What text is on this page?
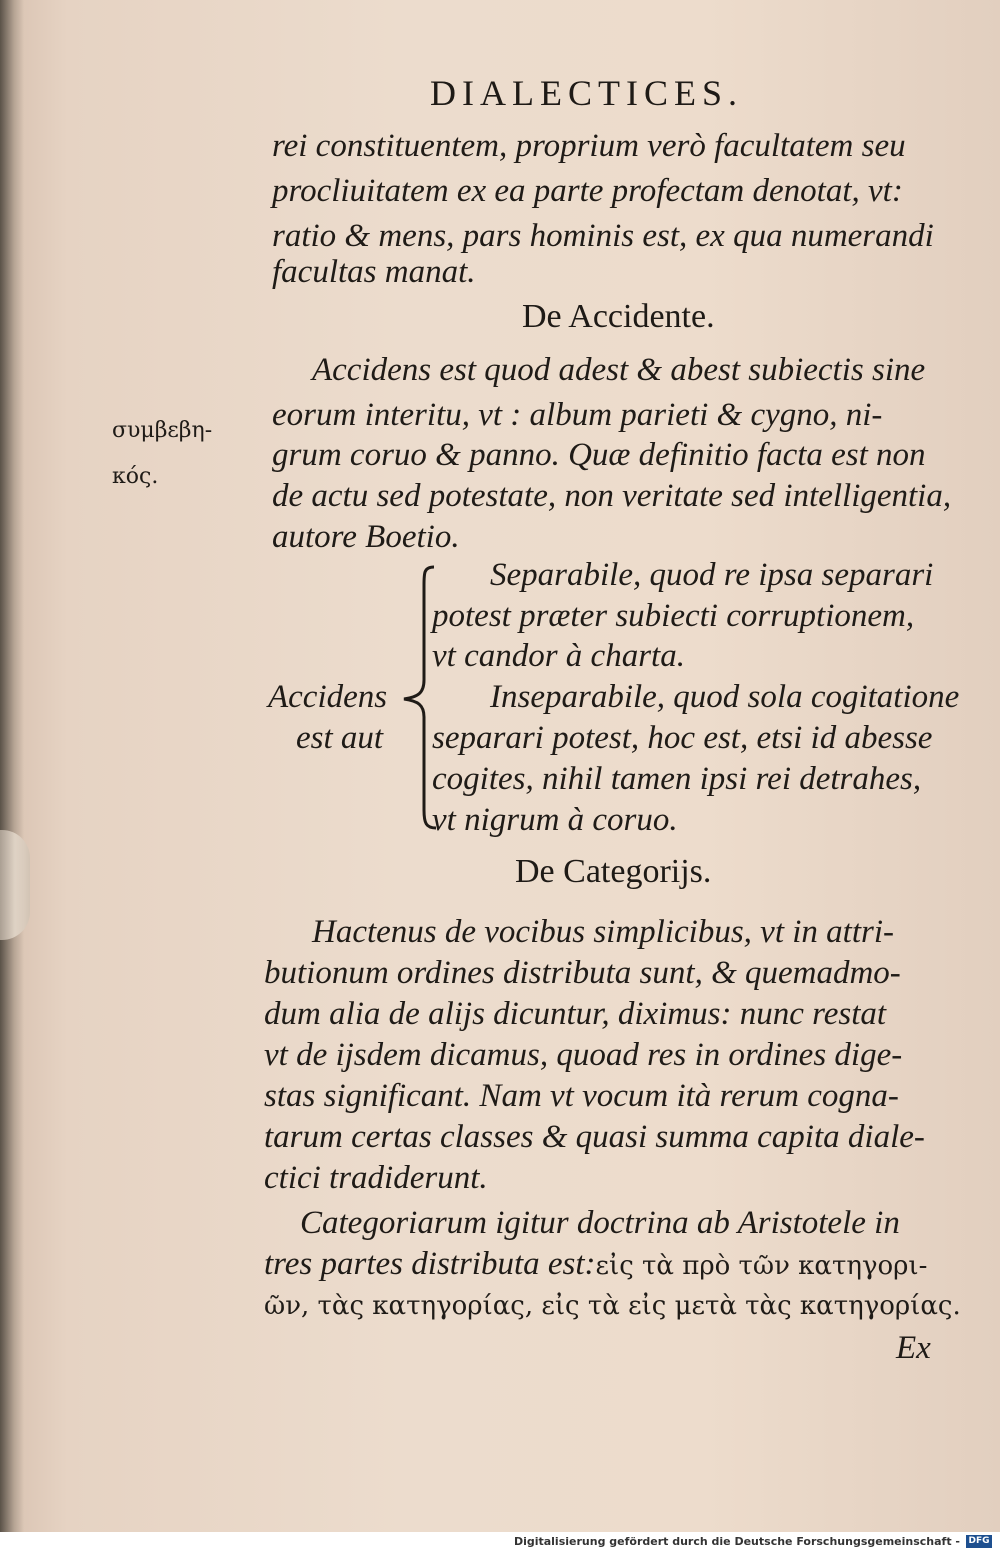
DIALECTICES.
rei constituentem, proprium verò facultatem seu
procliuitatem ex ea parte profectam denotat, vt:
ratio & mens, pars hominis est, ex qua numerandi
facultas manat.
De Accidente.
συμβεβη-
κός.
Accidens est quod adest & abest subiectis sine
eorum interitu, vt : album parieti & cygno, ni-
grum coruo & panno. Quæ definitio facta est non
de actu sed potestate, non veritate sed intelligentia,
autore Boetio.
Accidens
est aut
Separabile, quod re ipsa separari
potest præter subiecti corruptionem,
vt candor à charta.
Inseparabile, quod sola cogitatione
separari potest, hoc est, etsi id abesse
cogites, nihil tamen ipsi rei detrahes,
vt nigrum à coruo.
De Categorijs.
Hactenus de vocibus simplicibus, vt in attri-
butionum ordines distributa sunt, & quemadmo-
dum alia de alijs dicuntur, diximus: nunc restat
vt de ijsdem dicamus, quoad res in ordines dige-
stas significant. Nam vt vocum ità rerum cogna-
tarum certas classes & quasi summa capita diale-
ctici tradiderunt.
Categoriarum igitur doctrina ab Aristotele in
tres partes distributa est:εἰς τὰ πρὸ τῶν κατηγορι-
ῶν, τὰς κατηγορίας, εἰς τὰ εἰς μετὰ τὰς κατηγορίας.
Ex
Digitalisierung gefördert durch die Deutsche Forschungsgemeinschaft - DFG
